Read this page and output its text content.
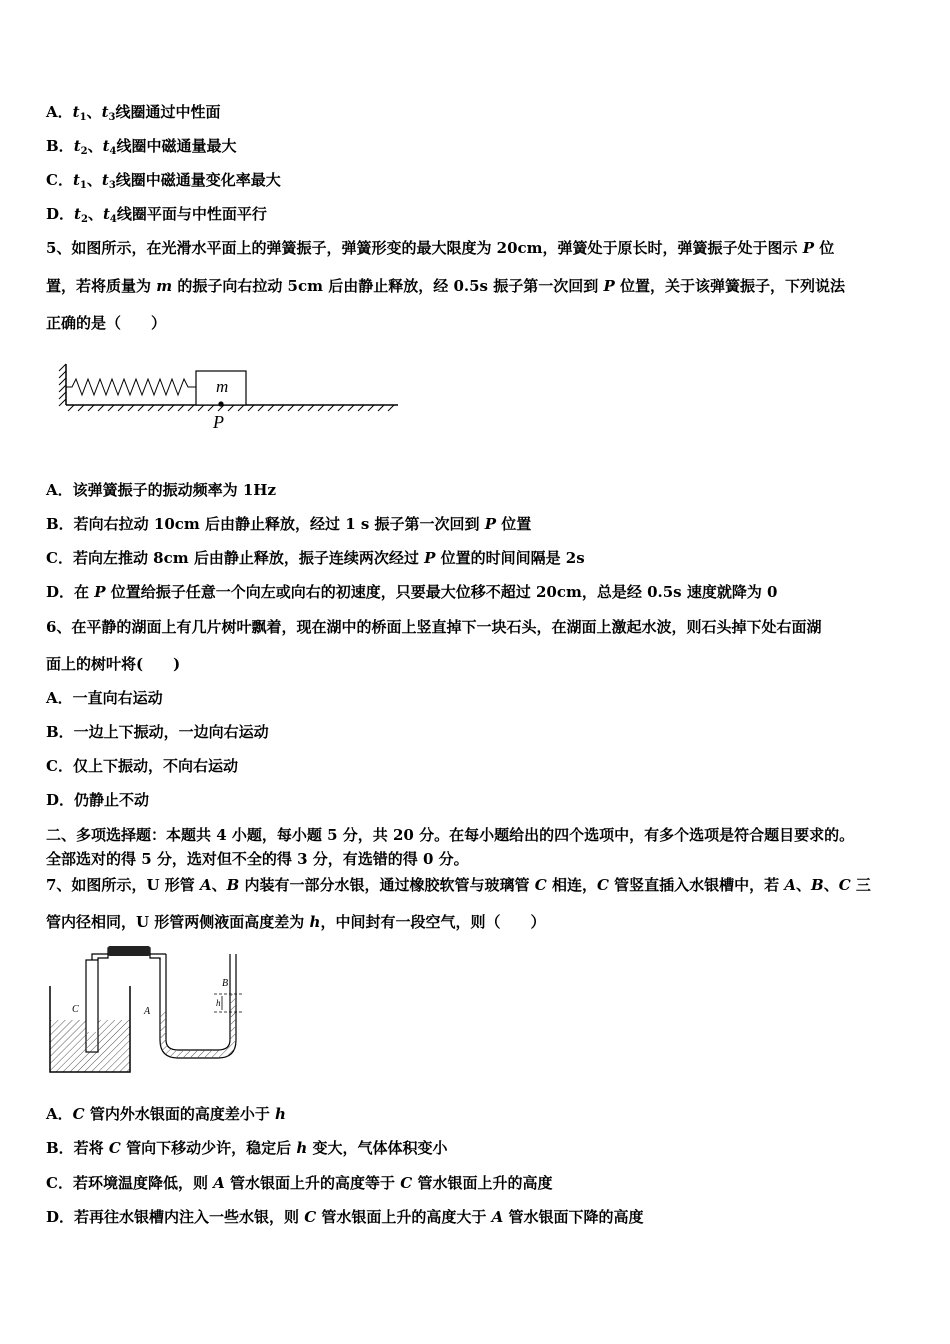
A．$t_1$、$t_3$线圈通过中性面
B．$t_2$、$t_4$线圈中磁通量最大
C．$t_1$、$t_3$线圈中磁通量变化率最大
D．$t_2$、$t_4$线圈平面与中性面平行
5、如图所示，在光滑水平面上的弹簧振子，弹簧形变的最大限度为 20cm，弹簧处于原长时，弹簧振子处于图示 P 位
置，若将质量为 m 的振子向右拉动 5cm 后由静止释放，经 0.5s 振子第一次回到 P 位置，关于该弹簧振子，下列说法
正确的是（　　）
m
P
A．该弹簧振子的振动频率为 1Hz
B．若向右拉动 10cm 后由静止释放，经过 1 s 振子第一次回到 P 位置
C．若向左推动 8cm 后由静止释放，振子连续两次经过 P 位置的时间间隔是 2s
D．在 P 位置给振子任意一个向左或向右的初速度，只要最大位移不超过 20cm，总是经 0.5s 速度就降为 0
6、在平静的湖面上有几片树叶飘着，现在湖中的桥面上竖直掉下一块石头，在湖面上激起水波，则石头掉下处右面湖
面上的树叶将(　　)
A．一直向右运动
B．一边上下振动，一边向右运动
C．仅上下振动，不向右运动
D．仍静止不动
二、多项选择题：本题共 4 小题，每小题 5 分，共 20 分。在每小题给出的四个选项中，有多个选项是符合题目要求的。
全部选对的得 5 分，选对但不全的得 3 分，有选错的得 0 分。
7、如图所示，U 形管 A、B 内装有一部分水银，通过橡胶软管与玻璃管 C 相连，C 管竖直插入水银槽中，若 A、B、C 三
管内径相同，U 形管两侧液面高度差为 h，中间封有一段空气，则（　　）
C	A
B
h
A．C 管内外水银面的高度差小于 h
B．若将 C 管向下移动少许，稳定后 h 变大，气体体积变小
C．若环境温度降低，则 A 管水银面上升的高度等于 C 管水银面上升的高度
D．若再往水银槽内注入一些水银，则 C 管水银面上升的高度大于 A 管水银面下降的高度
